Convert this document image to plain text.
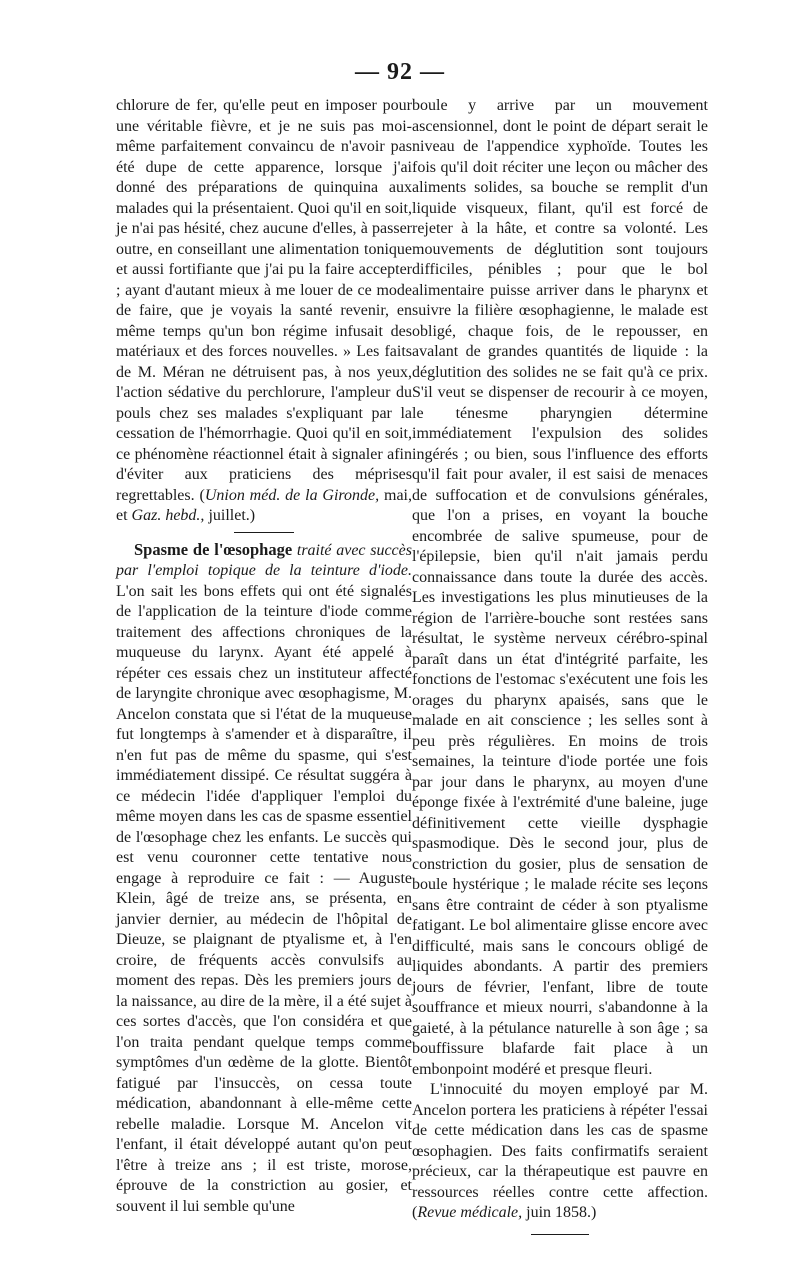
— 92 —

chlorure de fer, qu'elle peut en imposer pour une véritable fièvre, et je ne suis pas moi-même parfaitement convaincu de n'avoir pas été dupe de cette apparence, lorsque j'ai donné des préparations de quinquina aux malades qui la présentaient. Quoi qu'il en soit, je n'ai pas hésité, chez aucune d'elles, à passer outre, en conseillant une alimentation tonique et aussi fortifiante que j'ai pu la faire accepter ; ayant d'autant mieux à me louer de ce mode de faire, que je voyais la santé revenir, en même temps qu'un bon régime infusait des matériaux et des forces nouvelles. » Les faits de M. Méran ne détruisent pas, à nos yeux, l'action sédative du perchlorure, l'ampleur du pouls chez ses malades s'expliquant par la cessation de l'hémorrhagie. Quoi qu'il en soit, ce phénomène réactionnel était à signaler afin d'éviter aux praticiens des méprises regrettables. (Union méd. de la Gironde, mai, et Gaz. hebd., juillet.)

Spasme de l'œsophage traité avec succès par l'emploi topique de la teinture d'iode. L'on sait les bons effets qui ont été signalés de l'application de la teinture d'iode comme traitement des affections chroniques de la muqueuse du larynx. Ayant été appelé à répéter ces essais chez un instituteur affecté de laryngite chronique avec œsophagisme, M. Ancelon constata que si l'état de la muqueuse fut longtemps à s'amender et à disparaître, il n'en fut pas de même du spasme, qui s'est immédiatement dissipé. Ce résultat suggéra à ce médecin l'idée d'appliquer l'emploi du même moyen dans les cas de spasme essentiel de l'œsophage chez les enfants. Le succès qui est venu couronner cette tentative nous engage à reproduire ce fait : — Auguste Klein, âgé de treize ans, se présenta, en janvier dernier, au médecin de l'hôpital de Dieuze, se plaignant de ptyalisme et, à l'en croire, de fréquents accès convulsifs au moment des repas. Dès les premiers jours de la naissance, au dire de la mère, il a été sujet à ces sortes d'accès, que l'on considéra et que l'on traita pendant quelque temps comme symptômes d'un œdème de la glotte. Bientôt fatigué par l'insuccès, on cessa toute médication, abandonnant à elle-même cette rebelle maladie. Lorsque M. Ancelon vit l'enfant, il était développé autant qu'on peut l'être à treize ans ; il est triste, morose, éprouve de la constriction au gosier, et souvent il lui semble qu'une

boule y arrive par un mouvement ascensionnel, dont le point de départ serait le niveau de l'appendice xyphoïde. Toutes les fois qu'il doit réciter une leçon ou mâcher des aliments solides, sa bouche se remplit d'un liquide visqueux, filant, qu'il est forcé de rejeter à la hâte, et contre sa volonté. Les mouvements de déglutition sont toujours difficiles, pénibles ; pour que le bol alimentaire puisse arriver dans le pharynx et suivre la filière œsophagienne, le malade est obligé, chaque fois, de le repousser, en avalant de grandes quantités de liquide : la déglutition des solides ne se fait qu'à ce prix. S'il veut se dispenser de recourir à ce moyen, le ténesme pharyngien détermine immédiatement l'expulsion des solides ingérés ; ou bien, sous l'influence des efforts qu'il fait pour avaler, il est saisi de menaces de suffocation et de convulsions générales, que l'on a prises, en voyant la bouche encombrée de salive spumeuse, pour de l'épilepsie, bien qu'il n'ait jamais perdu connaissance dans toute la durée des accès. Les investigations les plus minutieuses de la région de l'arrière-bouche sont restées sans résultat, le système nerveux cérébro-spinal paraît dans un état d'intégrité parfaite, les fonctions de l'estomac s'exécutent une fois les orages du pharynx apaisés, sans que le malade en ait conscience ; les selles sont à peu près régulières. En moins de trois semaines, la teinture d'iode portée une fois par jour dans le pharynx, au moyen d'une éponge fixée à l'extrémité d'une baleine, juge définitivement cette vieille dysphagie spasmodique. Dès le second jour, plus de constriction du gosier, plus de sensation de boule hystérique ; le malade récite ses leçons sans être contraint de céder à son ptyalisme fatigant. Le bol alimentaire glisse encore avec difficulté, mais sans le concours obligé de liquides abondants. A partir des premiers jours de février, l'enfant, libre de toute souffrance et mieux nourri, s'abandonne à la gaieté, à la pétulance naturelle à son âge ; sa bouffissure blafarde fait place à un embonpoint modéré et presque fleuri.

L'innocuité du moyen employé par M. Ancelon portera les praticiens à répéter l'essai de cette médication dans les cas de spasme œsophagien. Des faits confirmatifs seraient précieux, car la thérapeutique est pauvre en ressources réelles contre cette affection. (Revue médicale, juin 1858.)
